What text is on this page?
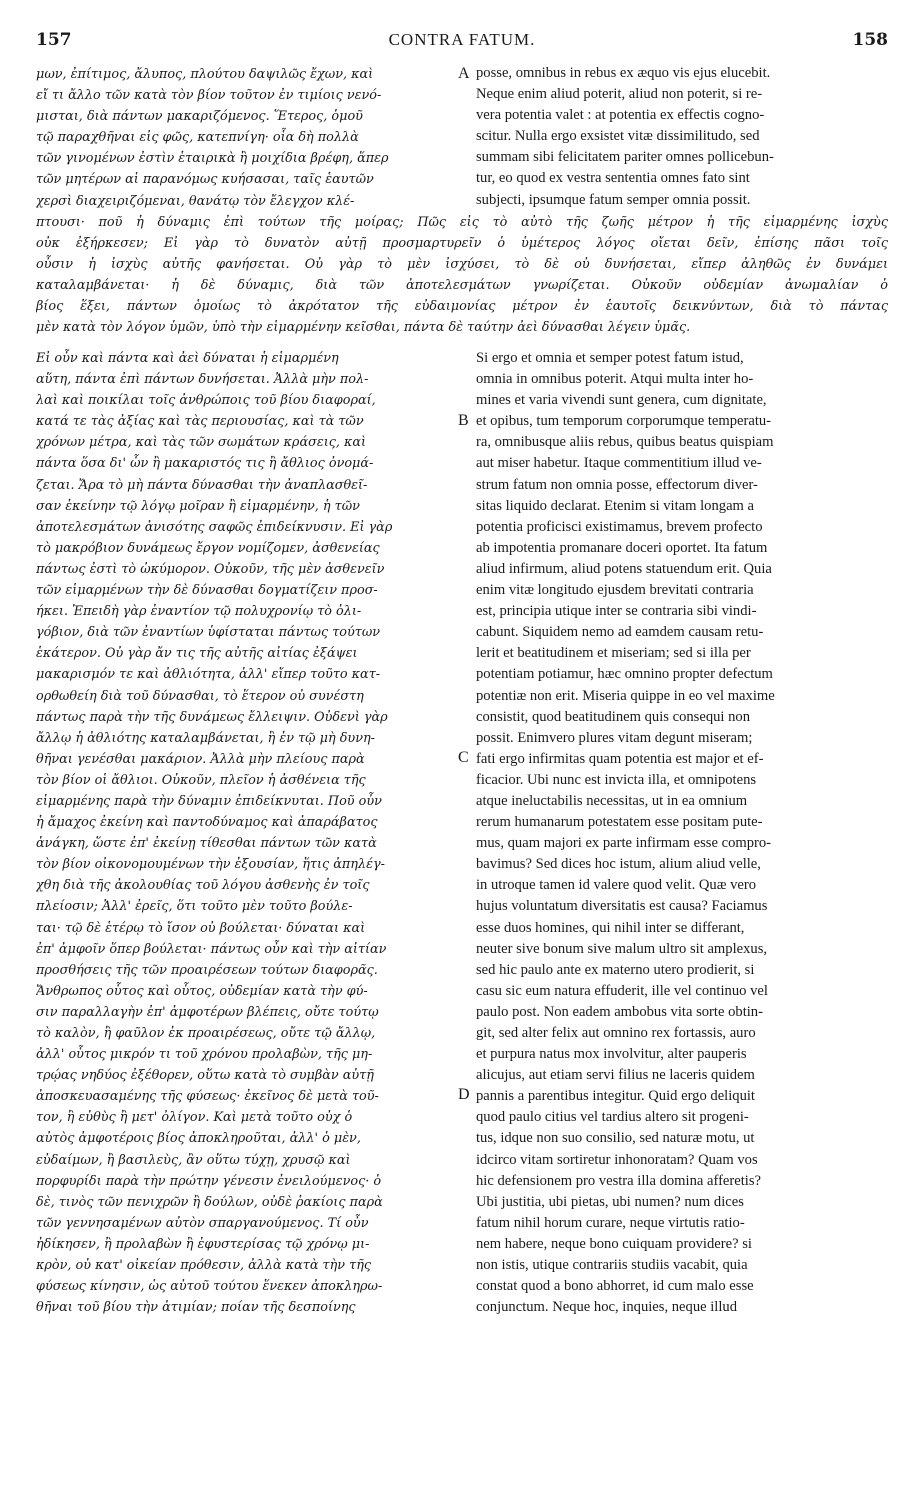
157	CONTRA FATUM.	158
μων, ἐπίτιμος, ἄλυπος, πλούτου δαψιλῶς ἔχων, καὶ
εἴ τι ἄλλο τῶν κατὰ τὸν βίον τοῦτον ἐν τιμίοις νενό-
μισται, διὰ πάντων μακαριζόμενος. Ἕτερος, ὁμοῦ
τῷ παραχθῆναι εἰς φῶς, κατεπνίγη· οἷα δὴ πολλὰ
τῶν γινομένων ἐστὶν ἑταιρικὰ ἢ μοιχίδια βρέφη, ἅπερ
τῶν μητέρων αἱ παρανόμως κυήσασαι, ταῖς ἑαυτῶν
χερσὶ διαχειριζόμεναι, θανάτῳ τὸν ἔλεγχον κλέ-
posse, omnibus in rebus ex æquo vis ejus elucebit.
Neque enim aliud poterit, aliud non poterit, si re-
vera potentia valet : at potentia ex effectis cogno-
scitur. Nulla ergo exsistet vitæ dissimilitudo, sed
summam sibi felicitatem pariter omnes pollicebun-
tur, eo quod ex vestra sententia omnes fato sint
subjecti, ipsumque fatum semper omnia possit.
πτουσι· ποῦ ἡ δύναμις ἐπὶ τούτων τῆς μοίρας; Πῶς εἰς τὸ αὐτὸ τῆς ζωῆς μέτρον ἡ τῆς εἱμαρμένης ἰσχὺς
οὐκ ἐξήρκεσεν; Εἰ γὰρ τὸ δυνατὸν αὐτῇ προσμαρτυρεῖν ὁ ὑμέτερος λόγος οἴεται δεῖν, ἐπίσης πᾶσι τοῖς
οὖσιν ἡ ἰσχὺς αὐτῆς φανήσεται. Οὐ γὰρ τὸ μὲν ἰσχύσει, τὸ δὲ οὐ δυνήσεται, εἴπερ ἀληθῶς ἐν δυνάμει
καταλαμβάνεται· ἡ δὲ δύναμις, διὰ τῶν ἀποτελεσμάτων γνωρίζεται. Οὐκοῦν οὐδεμίαν ἀνωμαλίαν ὁ
βίος ἕξει, πάντων ὁμοίως τὸ ἀκρότατον τῆς εὐδαιμονίας μέτρον ἐν ἑαυτοῖς δεικνύντων, διὰ τὸ πάντας
μὲν κατὰ τὸν λόγον ὑμῶν, ὑπὸ τὴν εἱμαρμένην κεῖσθαι, πάντα δὲ ταύτην ἀεὶ δύνασθαι λέγειν ὑμᾶς.
Εἰ οὖν καὶ πάντα καὶ ἀεὶ δύναται ἡ εἱμαρμένη
αὕτη, πάντα ἐπὶ πάντων δυνήσεται. Ἀλλὰ μὴν πολ-
λαὶ καὶ ποικίλαι τοῖς ἀνθρώποις τοῦ βίου διαφοραί,
κατά τε τὰς ἀξίας καὶ τὰς περιουσίας, καὶ τὰ τῶν
χρόνων μέτρα, καὶ τὰς τῶν σωμάτων κράσεις, καὶ
πάντα ὅσα δι' ὧν ἢ μακαριστός τις ἢ ἄθλιος ὀνομά-
ζεται. Ἄρα τὸ μὴ πάντα δύνασθαι τὴν ἀναπλασθεῖ-
σαν ἐκείνην τῷ λόγῳ μοῖραν ἢ εἱμαρμένην, ἡ τῶν
ἀποτελεσμάτων ἀνισότης σαφῶς ἐπιδείκνυσιν. Εἰ γὰρ
τὸ μακρόβιον δυνάμεως ἔργον νομίζομεν, ἀσθενείας
πάντως ἐστὶ τὸ ὠκύμορον. Οὐκοῦν, τῆς μὲν ἀσθενεῖν
τῶν εἱμαρμένων τὴν δὲ δύνασθαι δογματίζειν προσ-
ήκει. Ἐπειδὴ γὰρ ἐναντίον τῷ πολυχρονίῳ τὸ ὀλι-
γόβιον, διὰ τῶν ἐναντίων ὑφίσταται πάντως τούτων
ἑκάτερον. Οὐ γὰρ ἄν τις τῆς αὐτῆς αἰτίας ἐξάψει
μακαρισμόν τε καὶ ἀθλιότητα, ἀλλ' εἴπερ τοῦτο κατ-
ορθωθείη διὰ τοῦ δύνασθαι, τὸ ἕτερον οὐ συνέστη
πάντως παρὰ τὴν τῆς δυνάμεως ἔλλειψιν. Οὐδενὶ γὰρ
ἄλλῳ ἡ ἀθλιότης καταλαμβάνεται, ἢ ἐν τῷ μὴ δυνη-
θῆναι γενέσθαι μακάριον. Ἀλλὰ μὴν πλείους παρὰ
τὸν βίον οἱ ἄθλιοι. Οὐκοῦν, πλεῖον ἡ ἀσθένεια τῆς
εἱμαρμένης παρὰ τὴν δύναμιν ἐπιδείκνυται. Ποῦ οὖν
ἡ ἄμαχος ἐκείνη καὶ παντοδύναμος καὶ ἀπαράβατος
ἀνάγκη, ὥστε ἐπ' ἐκείνῃ τίθεσθαι πάντων τῶν κατὰ
τὸν βίον οἰκονομουμένων τὴν ἐξουσίαν, ἥτις ἀπηλέγ-
χθη διὰ τῆς ἀκολουθίας τοῦ λόγου ἀσθενὴς ἐν τοῖς
πλείοσιν; Ἀλλ' ἐρεῖς, ὅτι τοῦτο μὲν τοῦτο βούλε-
ται· τῷ δὲ ἑτέρῳ τὸ ἴσον οὐ βούλεται· δύναται καὶ
ἐπ' ἀμφοῖν ὅπερ βούλεται· πάντως οὖν καὶ τὴν αἰτίαν
προσθήσεις τῆς τῶν προαιρέσεων τούτων διαφορᾶς.
Ἄνθρωπος οὗτος καὶ οὗτος, οὐδεμίαν κατὰ τὴν φύ-
σιν παραλλαγὴν ἐπ' ἀμφοτέρων βλέπεις, οὔτε τούτῳ
τὸ καλὸν, ἢ φαῦλον ἐκ προαιρέσεως, οὔτε τῷ ἄλλῳ,
ἀλλ' οὗτος μικρόν τι τοῦ χρόνου προλαβὼν, τῆς μη-
τρῴας νηδύος ἐξέθορεν, οὕτω κατὰ τὸ συμβὰν αὐτῇ
ἀποσκευασαμένης τῆς φύσεως· ἐκεῖνος δὲ μετὰ τοῦ-
τον, ἢ εὐθὺς ἢ μετ' ὀλίγον. Καὶ μετὰ τοῦτο οὐχ ὁ
αὐτὸς ἀμφοτέροις βίος ἀποκληροῦται, ἀλλ' ὁ μὲν,
εὐδαίμων, ἢ βασιλεὺς, ἂν οὕτω τύχῃ, χρυσῷ καὶ
πορφυρίδι παρὰ τὴν πρώτην γένεσιν ἐνειλούμενος· ὁ
δὲ, τινὸς τῶν πενιχρῶν ἢ δούλων, οὐδὲ ῥακίοις παρὰ
τῶν γεννησαμένων αὐτὸν σπαργανούμενος. Τί οὖν
ἠδίκησεν, ἢ προλαβὼν ἢ ἐφυστερίσας τῷ χρόνῳ μι-
κρὸν, οὐ κατ' οἰκείαν πρόθεσιν, ἀλλὰ κατὰ τὴν τῆς
φύσεως κίνησιν, ὡς αὐτοῦ τούτου ἕνεκεν ἀποκληρω-
θῆναι τοῦ βίου τὴν ἀτιμίαν; ποίαν τῆς δεσποίνης
Si ergo et omnia et semper potest fatum istud,
omnia in omnibus poterit. Atqui multa inter ho-
mines et varia vivendi sunt genera, cum dignitate,
et opibus, tum temporum corporumque temperatu-
ra, omnibusque aliis rebus, quibus beatus quispiam
aut miser habetur. Itaque commentitium illud ve-
strum fatum non omnia posse, effectorum diver-
sitas liquido declarat. Etenim si vitam longam a
potentia proficisci existimamus, brevem profecto
ab impotentia promanare doceri oportet. Ita fatum
aliud infirmum, aliud potens statuendum erit. Quia
enim vitæ longitudo ejusdem brevitati contraria
est, principia utique inter se contraria sibi vindi-
cabunt. Siquidem nemo ad eamdem causam retu-
lerit et beatitudinem et miseriam; sed si illa per
potentiam potiamur, hæc omnino propter defectum
potentiæ non erit. Miseria quippe in eo vel maxime
consistit, quod beatitudinem quis consequi non
possit. Enimvero plures vitam degunt miseram;
fati ergo infirmitas quam potentia est major et ef-
ficacior. Ubi nunc est invicta illa, et omnipotens
atque ineluctabilis necessitas, ut in ea omnium
rerum humanarum potestatem esse positam pute-
mus, quam majori ex parte infirmam esse compro-
bavimus? Sed dices hoc istum, alium aliud velle,
in utroque tamen id valere quod velit. Quæ vero
hujus voluntatum diversitatis est causa? Faciamus
esse duos homines, qui nihil inter se differant,
neuter sive bonum sive malum ultro sit amplexus,
sed hic paulo ante ex materno utero prodierit, si
casu sic eum natura effuderit, ille vel continuo vel
paulo post. Non eadem ambobus vita sorte obtin-
git, sed alter felix aut omnino rex fortassis, auro
et purpura natus mox involvitur, alter pauperis
alicujus, aut etiam servi filius ne laceris quidem
pannis a parentibus integitur. Quid ergo deliquit
quod paulo citius vel tardius altero sit progeni-
tus, idque non suo consilio, sed naturæ motu, ut
idcirco vitam sortiretur inhonoratam? Quam vos
hic defensionem pro vestra illa domina afferetis?
Ubi justitia, ubi pietas, ubi numen? num dices
fatum nihil horum curare, neque virtutis ratio-
nem habere, neque bono cuiquam providere? si
non istis, utique contrariis studiis vacabit, quia
constat quod a bono abhorret, id cum malo esse
conjunctum. Neque hoc, inquies, neque illud
A
B
C
D
